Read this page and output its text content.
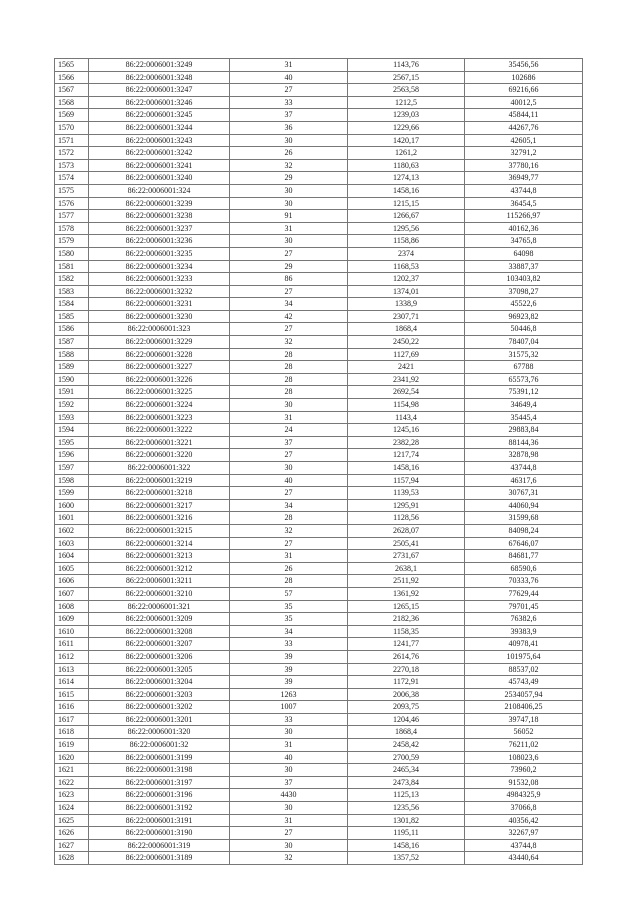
1565	86:22:0006001:3249	31	1143,76	35456,56
1566	86:22:0006001:3248	40	2567,15	102686
1567	86:22:0006001:3247	27	2563,58	69216,66
1568	86:22:0006001:3246	33	1212,5	40012,5
1569	86:22:0006001:3245	37	1239,03	45844,11
1570	86:22:0006001:3244	36	1229,66	44267,76
1571	86:22:0006001:3243	30	1420,17	42605,1
1572	86:22:0006001:3242	26	1261,2	32791,2
1573	86:22:0006001:3241	32	1180,63	37780,16
1574	86:22:0006001:3240	29	1274,13	36949,77
1575	86:22:0006001:324	30	1458,16	43744,8
1576	86:22:0006001:3239	30	1215,15	36454,5
1577	86:22:0006001:3238	91	1266,67	115266,97
1578	86:22:0006001:3237	31	1295,56	40162,36
1579	86:22:0006001:3236	30	1158,86	34765,8
1580	86:22:0006001:3235	27	2374	64098
1581	86:22:0006001:3234	29	1168,53	33887,37
1582	86:22:0006001:3233	86	1202,37	103403,82
1583	86:22:0006001:3232	27	1374,01	37098,27
1584	86:22:0006001:3231	34	1338,9	45522,6
1585	86:22:0006001:3230	42	2307,71	96923,82
1586	86:22:0006001:323	27	1868,4	50446,8
1587	86:22:0006001:3229	32	2450,22	78407,04
1588	86:22:0006001:3228	28	1127,69	31575,32
1589	86:22:0006001:3227	28	2421	67788
1590	86:22:0006001:3226	28	2341,92	65573,76
1591	86:22:0006001:3225	28	2692,54	75391,12
1592	86:22:0006001:3224	30	1154,98	34649,4
1593	86:22:0006001:3223	31	1143,4	35445,4
1594	86:22:0006001:3222	24	1245,16	29883,84
1595	86:22:0006001:3221	37	2382,28	88144,36
1596	86:22:0006001:3220	27	1217,74	32878,98
1597	86:22:0006001:322	30	1458,16	43744,8
1598	86:22:0006001:3219	40	1157,94	46317,6
1599	86:22:0006001:3218	27	1139,53	30767,31
1600	86:22:0006001:3217	34	1295,91	44060,94
1601	86:22:0006001:3216	28	1128,56	31599,68
1602	86:22:0006001:3215	32	2628,07	84098,24
1603	86:22:0006001:3214	27	2505,41	67646,07
1604	86:22:0006001:3213	31	2731,67	84681,77
1605	86:22:0006001:3212	26	2638,1	68590,6
1606	86:22:0006001:3211	28	2511,92	70333,76
1607	86:22:0006001:3210	57	1361,92	77629,44
1608	86:22:0006001:321	35	1265,15	79701,45
1609	86:22:0006001:3209	35	2182,36	76382,6
1610	86:22:0006001:3208	34	1158,35	39383,9
1611	86:22:0006001:3207	33	1241,77	40978,41
1612	86:22:0006001:3206	39	2614,76	101975,64
1613	86:22:0006001:3205	39	2270,18	88537,02
1614	86:22:0006001:3204	39	1172,91	45743,49
1615	86:22:0006001:3203	1263	2006,38	2534057,94
1616	86:22:0006001:3202	1007	2093,75	2108406,25
1617	86:22:0006001:3201	33	1204,46	39747,18
1618	86:22:0006001:320	30	1868,4	56052
1619	86:22:0006001:32	31	2458,42	76211,02
1620	86:22:0006001:3199	40	2700,59	108023,6
1621	86:22:0006001:3198	30	2465,34	73960,2
1622	86:22:0006001:3197	37	2473,84	91532,08
1623	86:22:0006001:3196	4430	1125,13	4984325,9
1624	86:22:0006001:3192	30	1235,56	37066,8
1625	86:22:0006001:3191	31	1301,82	40356,42
1626	86:22:0006001:3190	27	1195,11	32267,97
1627	86:22:0006001:319	30	1458,16	43744,8
1628	86:22:0006001:3189	32	1357,52	43440,64
